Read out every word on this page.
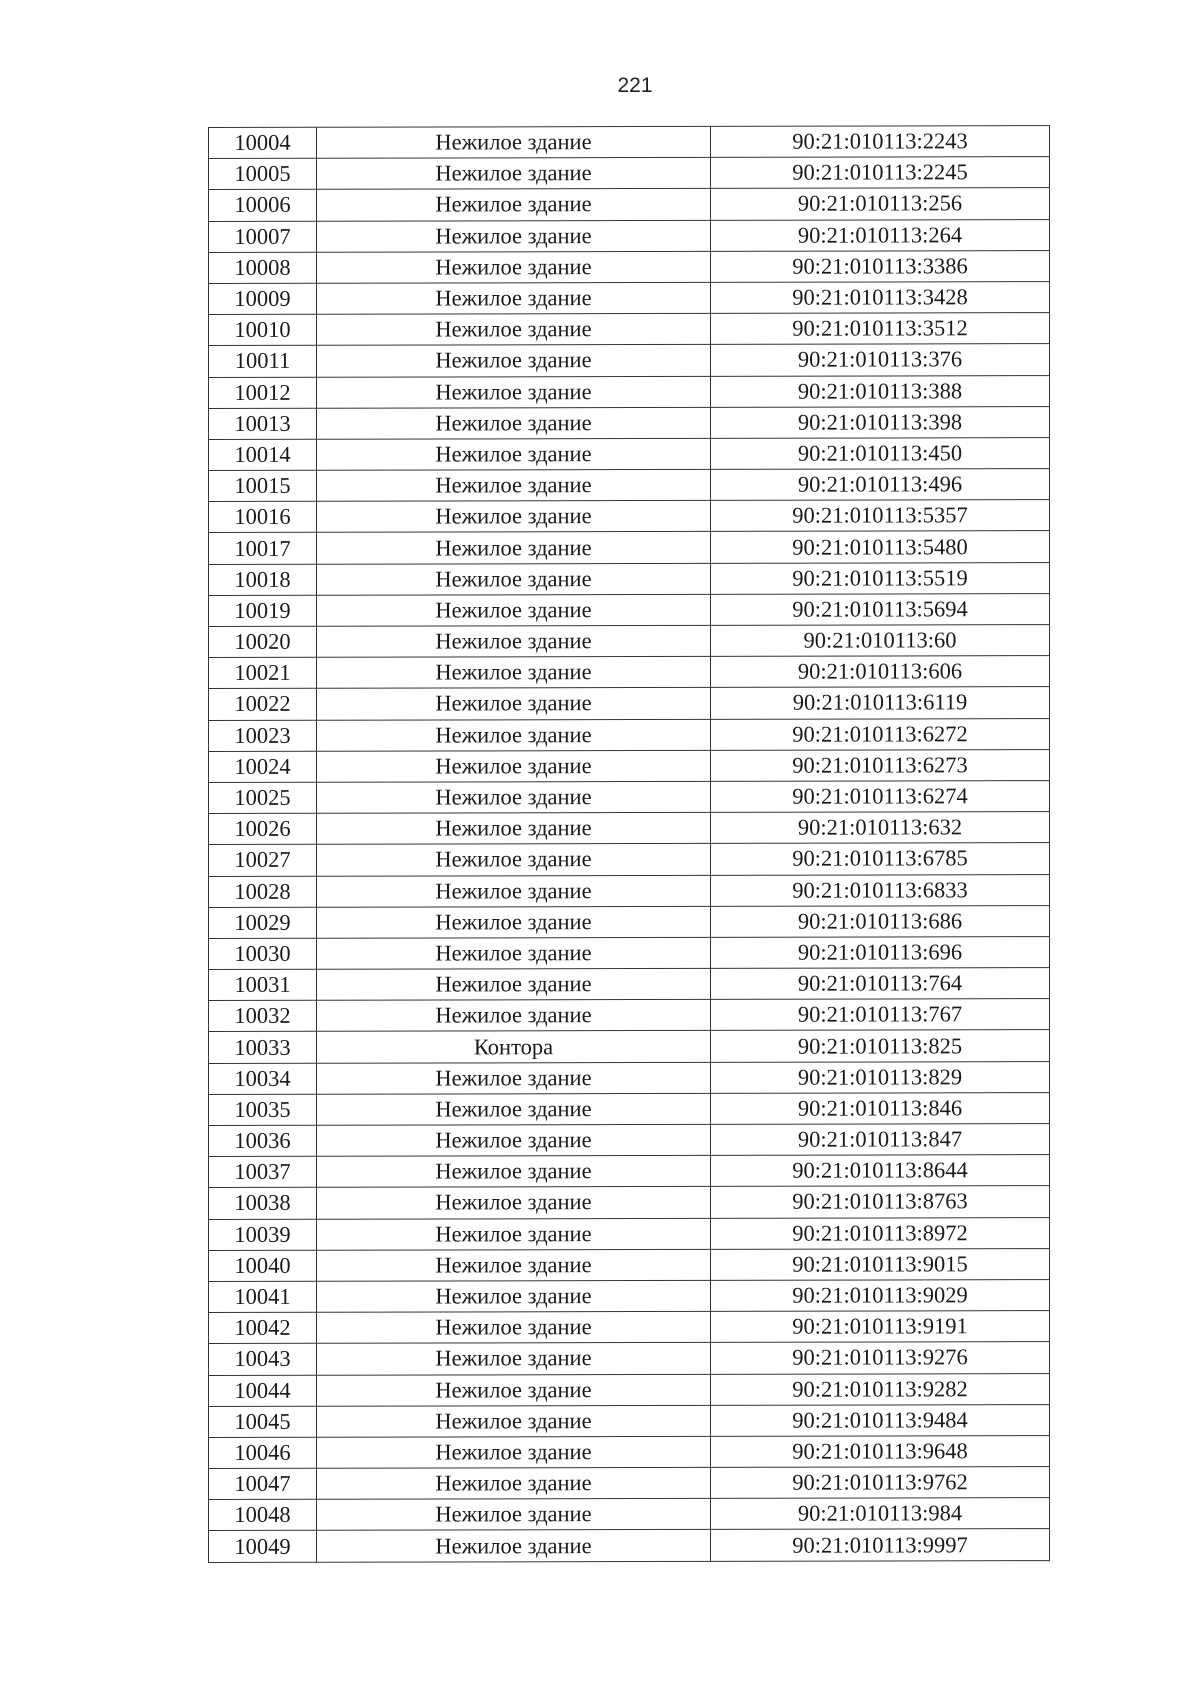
221
10004	Нежилое здание	90:21:010113:2243
10005	Нежилое здание	90:21:010113:2245
10006	Нежилое здание	90:21:010113:256
10007	Нежилое здание	90:21:010113:264
10008	Нежилое здание	90:21:010113:3386
10009	Нежилое здание	90:21:010113:3428
10010	Нежилое здание	90:21:010113:3512
10011	Нежилое здание	90:21:010113:376
10012	Нежилое здание	90:21:010113:388
10013	Нежилое здание	90:21:010113:398
10014	Нежилое здание	90:21:010113:450
10015	Нежилое здание	90:21:010113:496
10016	Нежилое здание	90:21:010113:5357
10017	Нежилое здание	90:21:010113:5480
10018	Нежилое здание	90:21:010113:5519
10019	Нежилое здание	90:21:010113:5694
10020	Нежилое здание	90:21:010113:60
10021	Нежилое здание	90:21:010113:606
10022	Нежилое здание	90:21:010113:6119
10023	Нежилое здание	90:21:010113:6272
10024	Нежилое здание	90:21:010113:6273
10025	Нежилое здание	90:21:010113:6274
10026	Нежилое здание	90:21:010113:632
10027	Нежилое здание	90:21:010113:6785
10028	Нежилое здание	90:21:010113:6833
10029	Нежилое здание	90:21:010113:686
10030	Нежилое здание	90:21:010113:696
10031	Нежилое здание	90:21:010113:764
10032	Нежилое здание	90:21:010113:767
10033	Контора	90:21:010113:825
10034	Нежилое здание	90:21:010113:829
10035	Нежилое здание	90:21:010113:846
10036	Нежилое здание	90:21:010113:847
10037	Нежилое здание	90:21:010113:8644
10038	Нежилое здание	90:21:010113:8763
10039	Нежилое здание	90:21:010113:8972
10040	Нежилое здание	90:21:010113:9015
10041	Нежилое здание	90:21:010113:9029
10042	Нежилое здание	90:21:010113:9191
10043	Нежилое здание	90:21:010113:9276
10044	Нежилое здание	90:21:010113:9282
10045	Нежилое здание	90:21:010113:9484
10046	Нежилое здание	90:21:010113:9648
10047	Нежилое здание	90:21:010113:9762
10048	Нежилое здание	90:21:010113:984
10049	Нежилое здание	90:21:010113:9997
